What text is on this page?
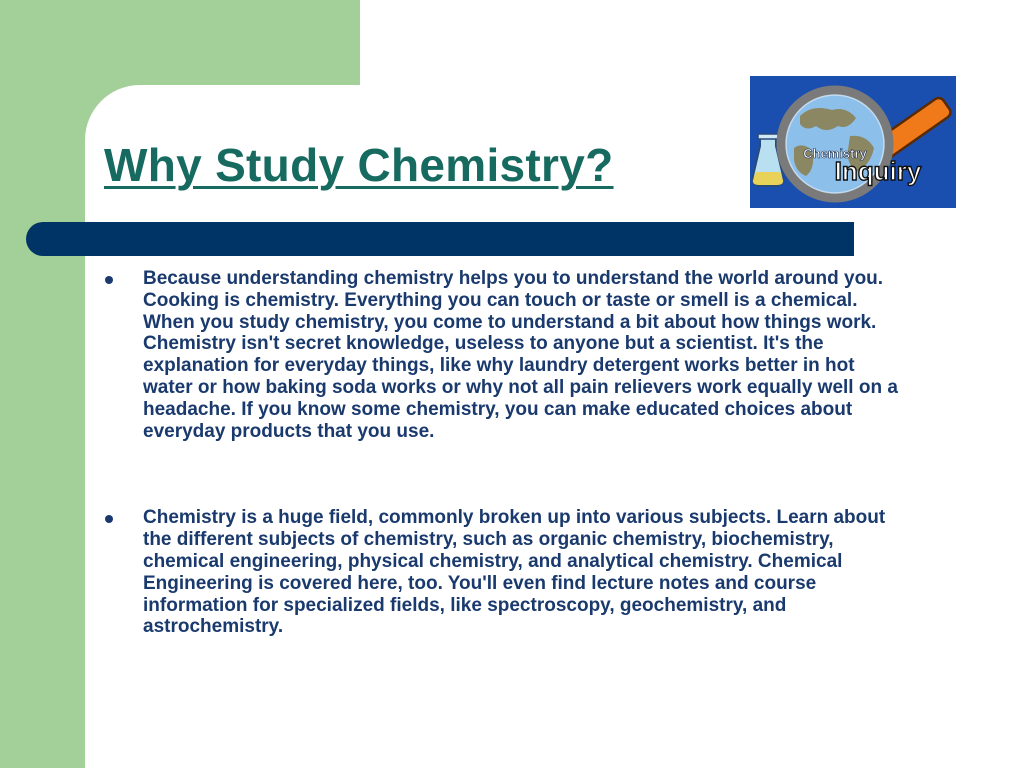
Why Study Chemistry?	Chemistry
Inquiry
Because understanding chemistry helps you to understand the world around you. Cooking is chemistry. Everything you can touch or taste or smell is a chemical. When you study chemistry, you come to understand a bit about how things work. Chemistry isn't secret knowledge, useless to anyone but a scientist. It's the explanation for everyday things, like why laundry detergent works better in hot water or how baking soda works or why not all pain relievers work equally well on a headache. If you know some chemistry, you can make educated choices about everyday products that you use.
Chemistry is a huge field, commonly broken up into various subjects. Learn about the different subjects of chemistry, such as organic chemistry, biochemistry, chemical engineering, physical chemistry, and analytical chemistry. Chemical Engineering is covered here, too. You'll even find lecture notes and course information for specialized fields, like spectroscopy, geochemistry, and astrochemistry.
